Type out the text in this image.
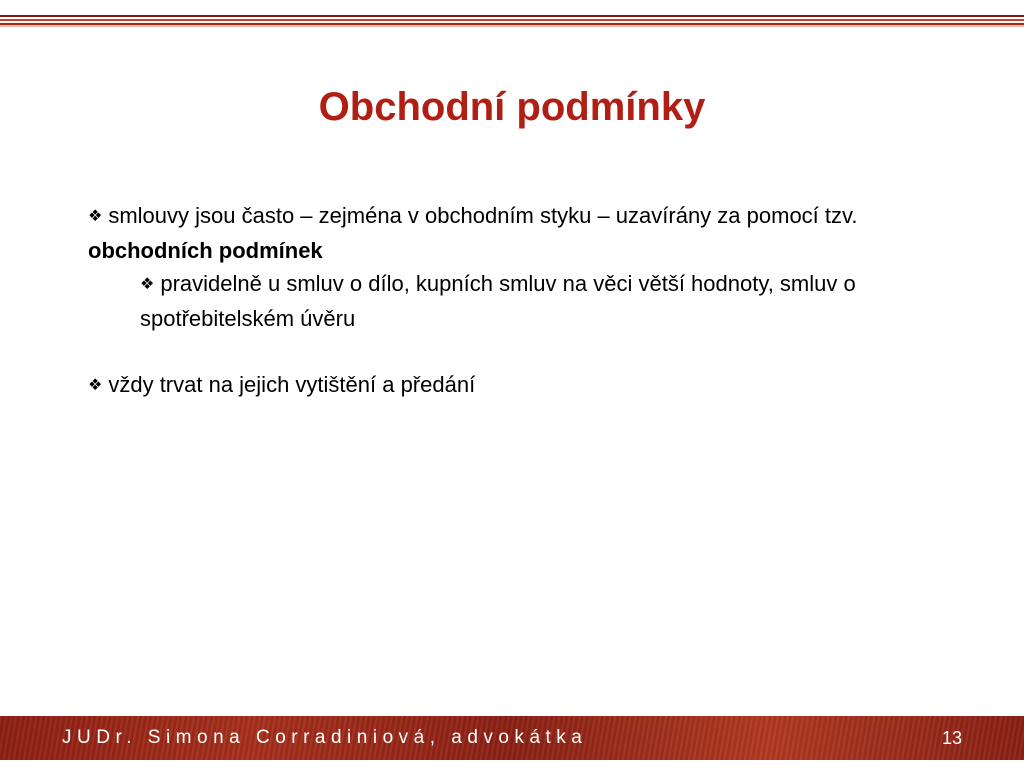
Obchodní podmínky

❖ smlouvy jsou často – zejména v obchodním styku – uzavírány za pomocí tzv. obchodních podmínek

❖ pravidelně u smluv o dílo, kupních smluv na věci větší hodnoty, smluv o spotřebitelském úvěru

❖ vždy trvat na jejich vytištění a předání

JUDr. Simona Corradiniová, advokátka	13
